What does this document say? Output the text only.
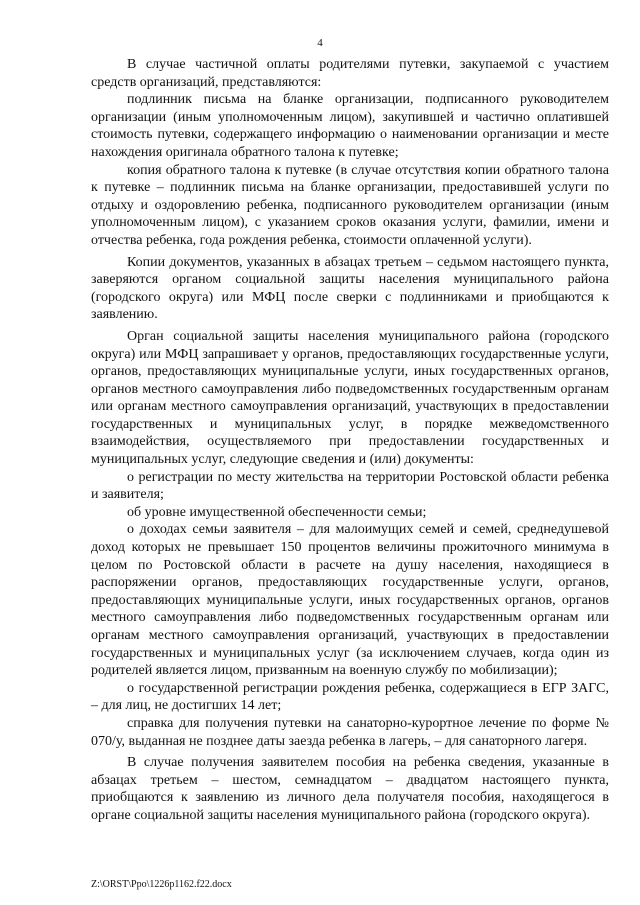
4

В случае частичной оплаты родителями путевки, закупаемой с участием средств организаций, представляются:

подлинник письма на бланке организации, подписанного руководителем организации (иным уполномоченным лицом), закупившей и частично оплатившей стоимость путевки, содержащего информацию о наименовании организации и месте нахождения оригинала обратного талона к путевке;

копия обратного талона к путевке (в случае отсутствия копии обратного талона к путевке – подлинник письма на бланке организации, предоставившей услуги по отдыху и оздоровлению ребенка, подписанного руководителем организации (иным уполномоченным лицом), с указанием сроков оказания услуги, фамилии, имени и отчества ребенка, года рождения ребенка, стоимости оплаченной услуги).

Копии документов, указанных в абзацах третьем – седьмом настоящего пункта, заверяются органом социальной защиты населения муниципального района (городского округа) или МФЦ после сверки с подлинниками и приобщаются к заявлению.

Орган социальной защиты населения муниципального района (городского округа) или МФЦ запрашивает у органов, предоставляющих государственные услуги, органов, предоставляющих муниципальные услуги, иных государственных органов, органов местного самоуправления либо подведомственных государственным органам или органам местного самоуправления организаций, участвующих в предоставлении государственных и муниципальных услуг, в порядке межведомственного взаимодействия, осуществляемого при предоставлении государственных и муниципальных услуг, следующие сведения и (или) документы:

о регистрации по месту жительства на территории Ростовской области ребенка и заявителя;

об уровне имущественной обеспеченности семьи;

о доходах семьи заявителя – для малоимущих семей и семей, среднедушевой доход которых не превышает 150 процентов величины прожиточного минимума в целом по Ростовской области в расчете на душу населения, находящиеся в распоряжении органов, предоставляющих государственные услуги, органов, предоставляющих муниципальные услуги, иных государственных органов, органов местного самоуправления либо подведомственных государственным органам или органам местного самоуправления организаций, участвующих в предоставлении государственных и муниципальных услуг (за исключением случаев, когда один из родителей является лицом, призванным на военную службу по мобилизации);

о государственной регистрации рождения ребенка, содержащиеся в ЕГР ЗАГС, – для лиц, не достигших 14 лет;

справка для получения путевки на санаторно-курортное лечение по форме № 070/у, выданная не позднее даты заезда ребенка в лагерь, – для санаторного лагеря.

В случае получения заявителем пособия на ребенка сведения, указанные в абзацах третьем – шестом, семнадцатом – двадцатом настоящего пункта, приобщаются к заявлению из личного дела получателя пособия, находящегося в органе социальной защиты населения муниципального района (городского округа).

Z:\ORST\Ppo\1226p1162.f22.docx
